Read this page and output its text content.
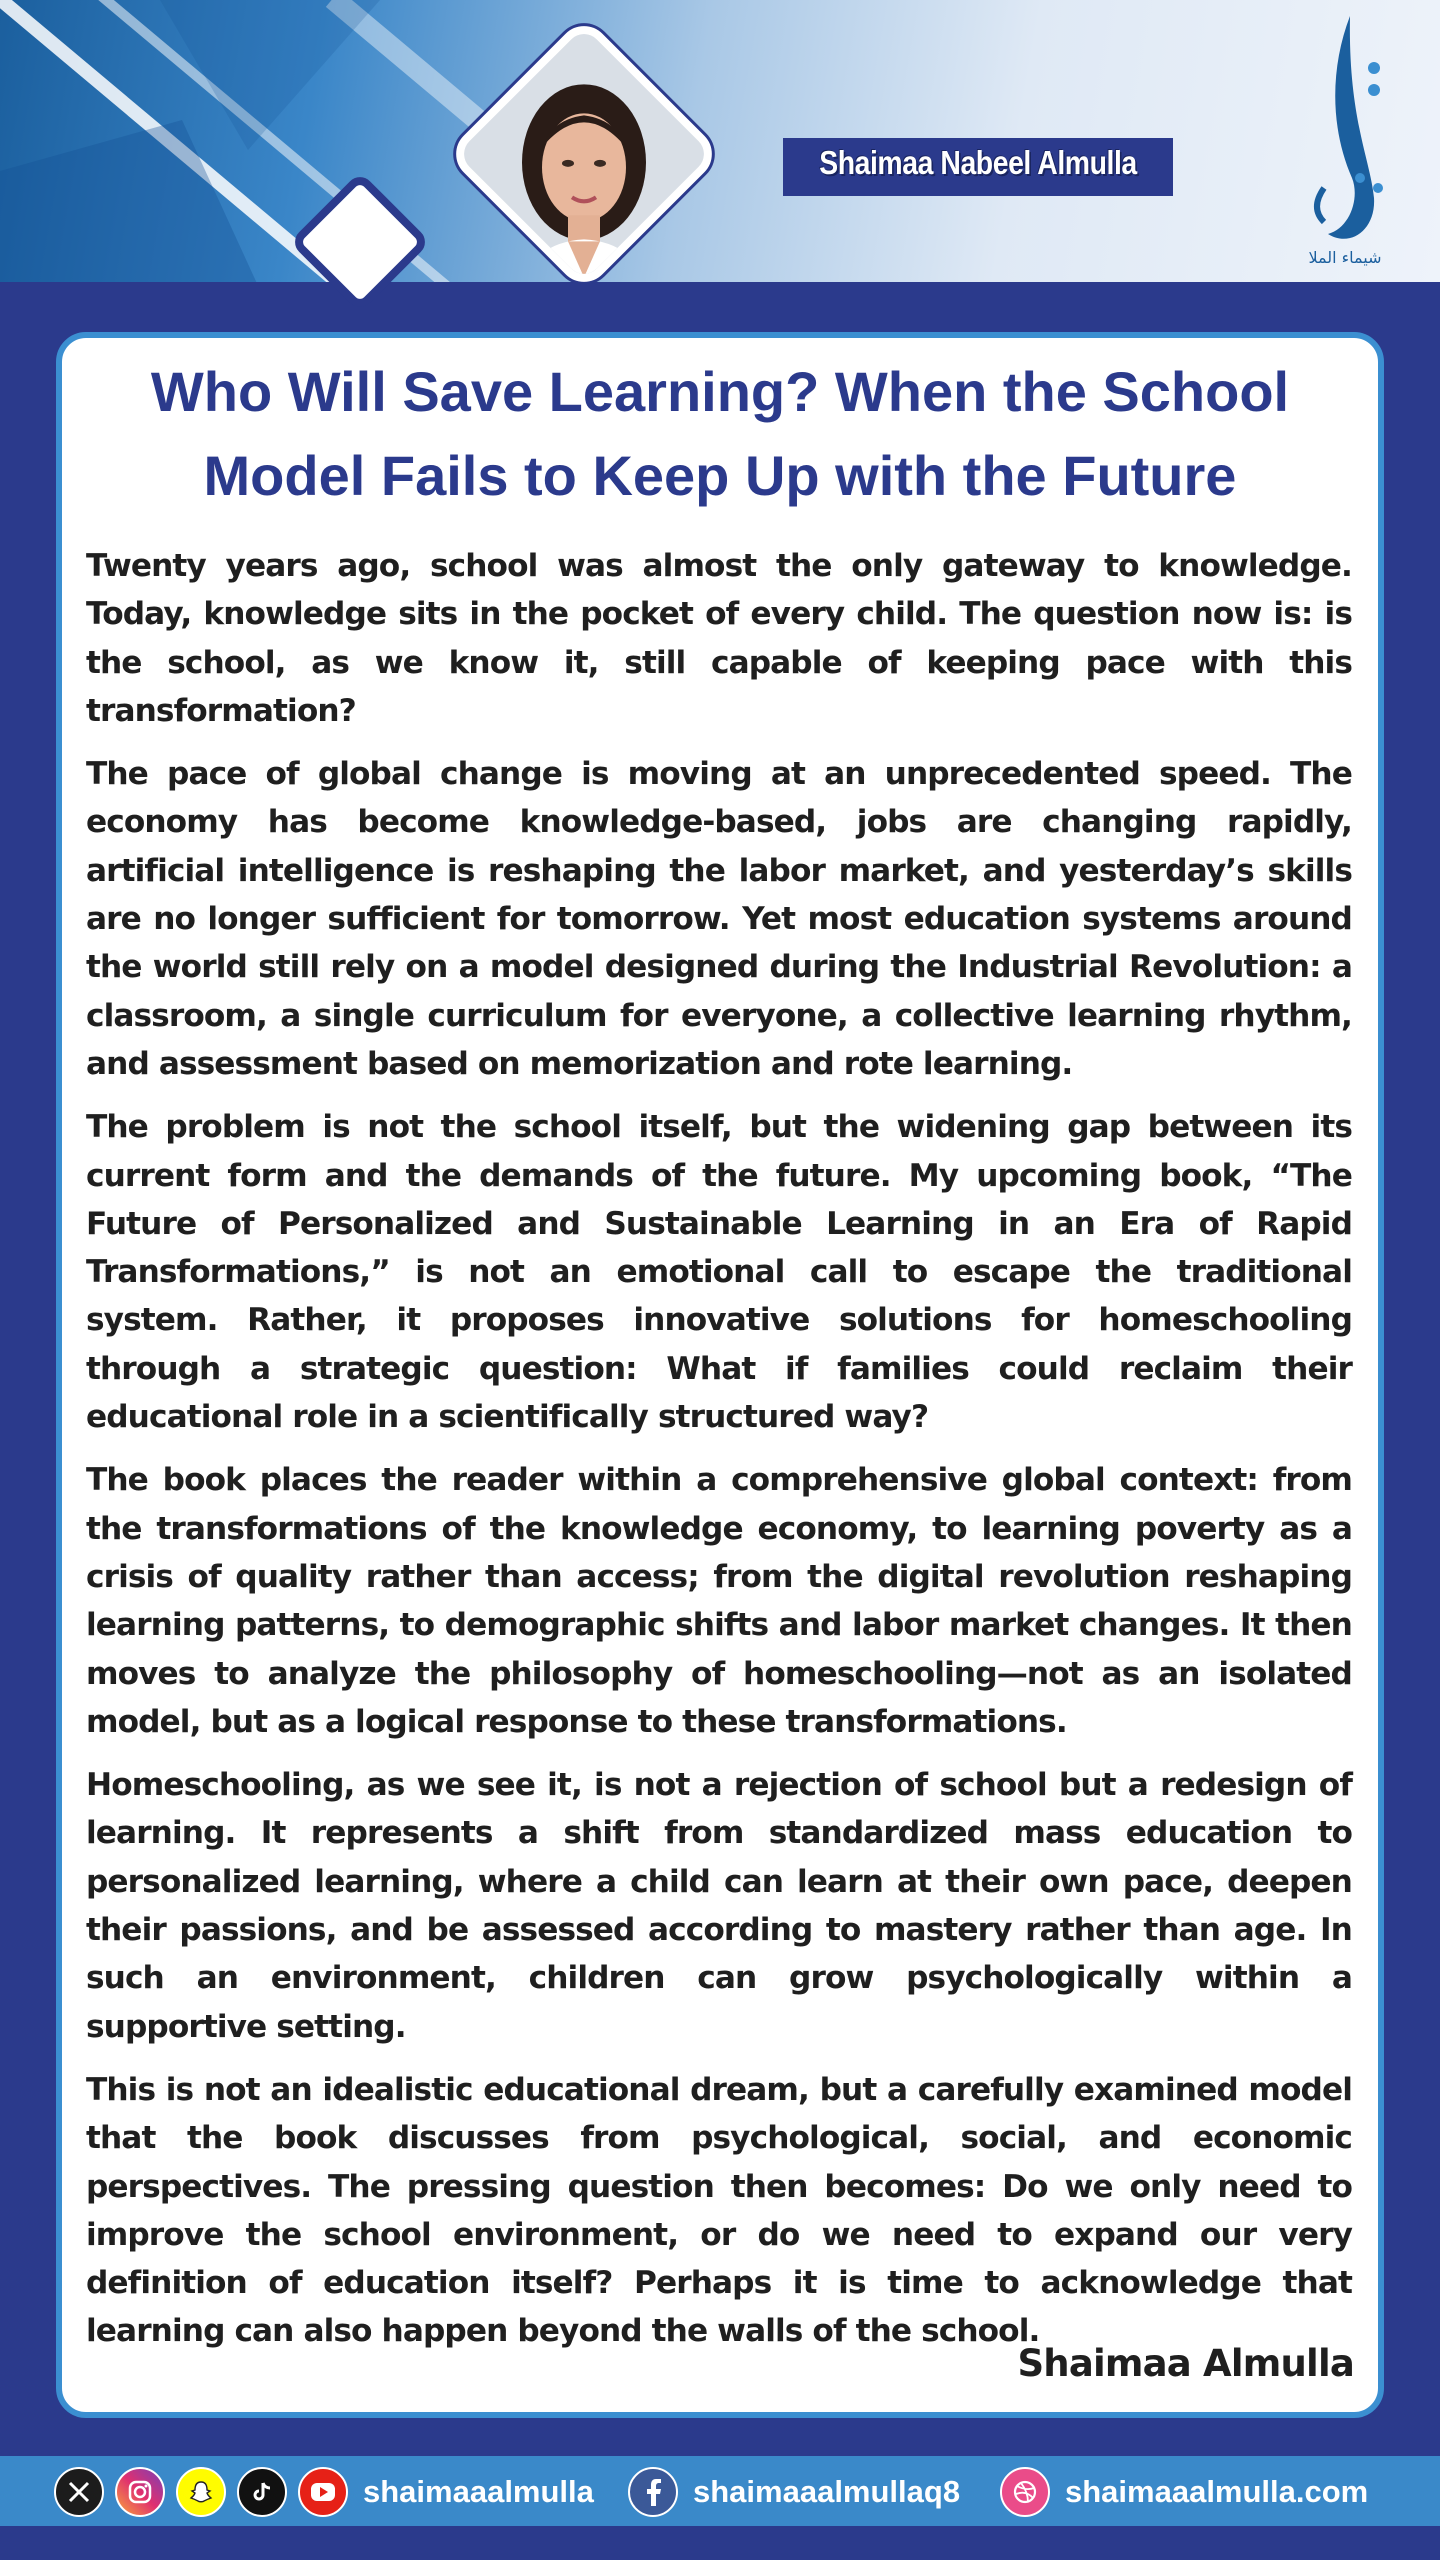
Shaimaa Nabeel Almulla
شيماء الملا
Who Will Save Learning? When the School Model Fails to Keep Up with the Future

Twenty years ago, school was almost the only gateway to knowledge. Today, knowledge sits in the pocket of every child. The question now is: is the school, as we know it, still capable of keeping pace with this transformation?

The pace of global change is moving at an unprecedented speed. The economy has become knowledge-based, jobs are changing rapidly, artificial intelligence is reshaping the labor market, and yesterday’s skills are no longer sufficient for tomorrow. Yet most education systems around the world still rely on a model designed during the Industrial Revolution: a classroom, a single curriculum for everyone, a collective learning rhythm, and assessment based on memorization and rote learning.

The problem is not the school itself, but the widening gap between its current form and the demands of the future. My upcoming book, “The Future of Personalized and Sustainable Learning in an Era of Rapid Transformations,” is not an emotional call to escape the traditional system. Rather, it proposes innovative solutions for homeschooling through a strategic question: What if families could reclaim their educational role in a scientifically structured way?

The book places the reader within a comprehensive global context: from the transformations of the knowledge economy, to learning poverty as a crisis of quality rather than access; from the digital revolution reshaping learning patterns, to demographic shifts and labor market changes. It then moves to analyze the philosophy of homeschooling—not as an isolated model, but as a logical response to these transformations.

Homeschooling, as we see it, is not a rejection of school but a redesign of learning. It represents a shift from standardized mass education to personalized learning, where a child can learn at their own pace, deepen their passions, and be assessed according to mastery rather than age. In such an environment, children can grow psychologically within a supportive setting.

This is not an idealistic educational dream, but a carefully examined model that the book discusses from psychological, social, and economic perspectives. The pressing question then becomes: Do we only need to improve the school environment, or do we need to expand our very definition of education itself? Perhaps it is time to acknowledge that learning can also happen beyond the walls of the school.

Shaimaa Almulla
shaimaaalmulla	shaimaaalmullaq8	shaimaaalmulla.com
